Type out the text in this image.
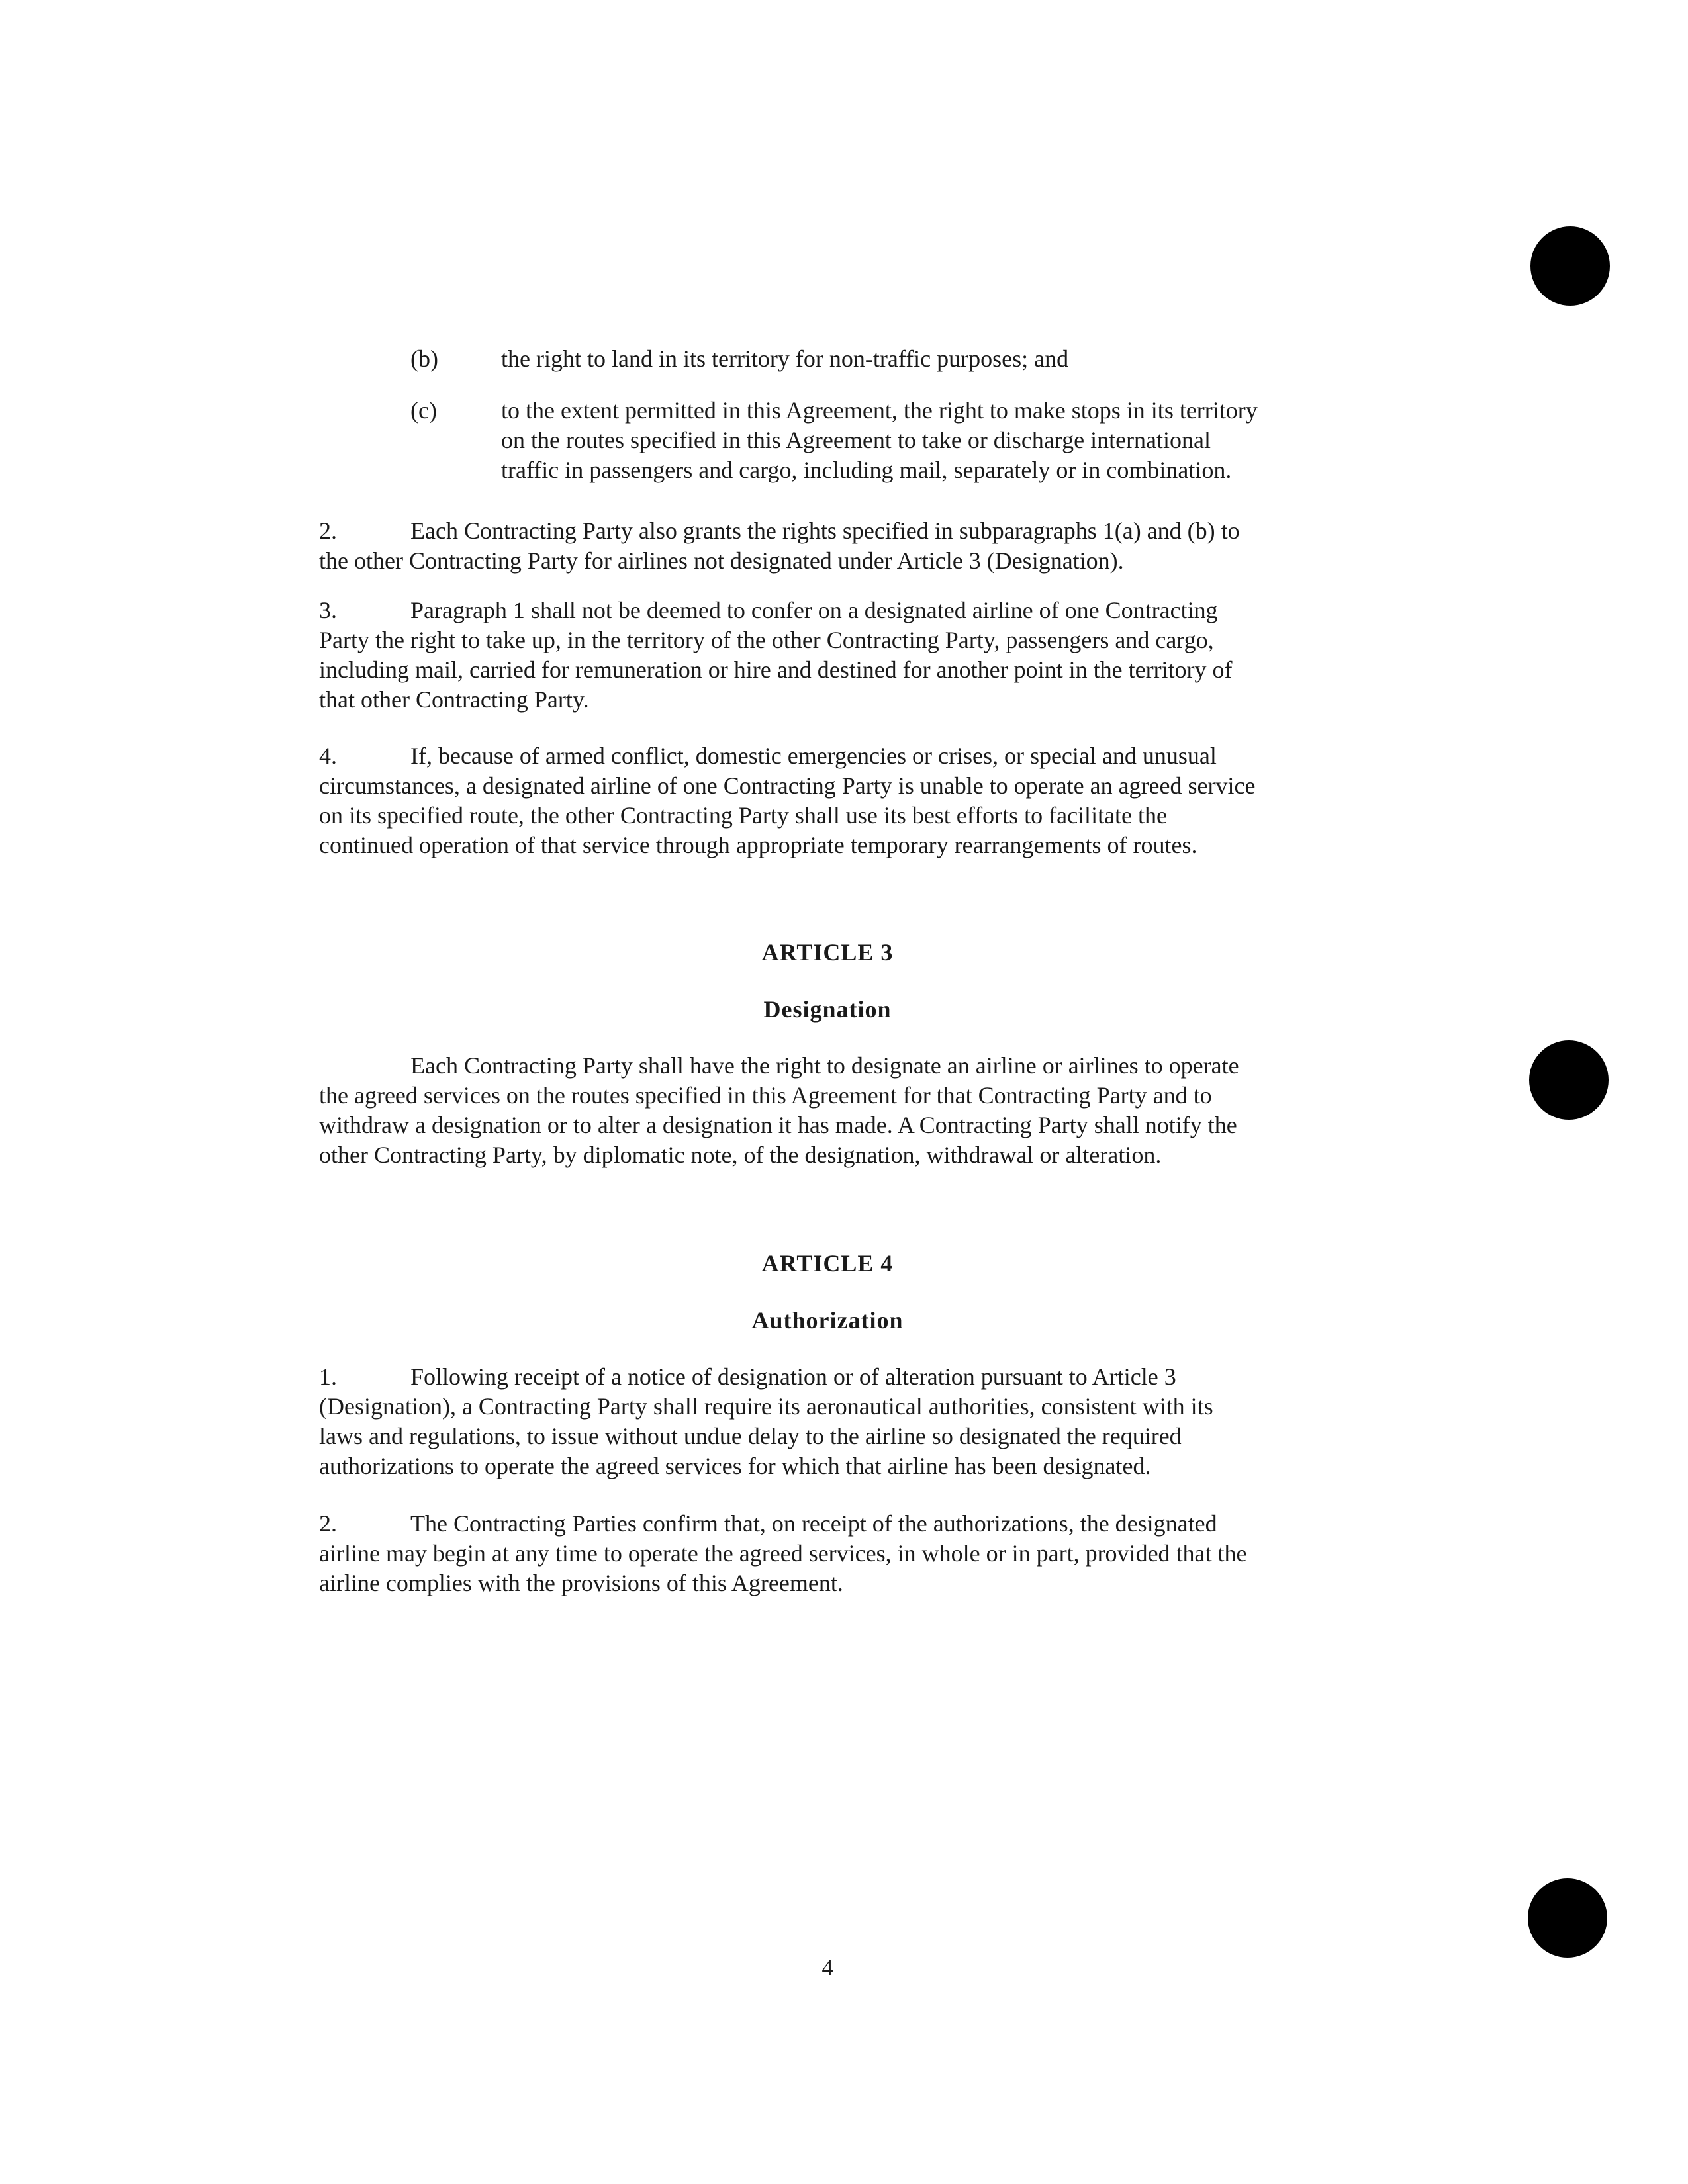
(b)	the right to land in its territory for non-traffic purposes; and
(c)	to the extent permitted in this Agreement, the right to make stops in its territory
on the routes specified in this Agreement to take or discharge international
traffic in passengers and cargo, including mail, separately or in combination.
2.	Each Contracting Party also grants the rights specified in subparagraphs 1(a) and (b) to
the other Contracting Party for airlines not designated under Article 3 (Designation).
3.	Paragraph 1 shall not be deemed to confer on a designated airline of one Contracting
Party the right to take up, in the territory of the other Contracting Party, passengers and cargo,
including mail, carried for remuneration or hire and destined for another point in the territory of
that other Contracting Party.
4.	If, because of armed conflict, domestic emergencies or crises, or special and unusual
circumstances, a designated airline of one Contracting Party is unable to operate an agreed service
on its specified route, the other Contracting Party shall use its best efforts to facilitate the
continued operation of that service through appropriate temporary rearrangements of routes.
ARTICLE 3
Designation
Each Contracting Party shall have the right to designate an airline or airlines to operate
the agreed services on the routes specified in this Agreement for that Contracting Party and to
withdraw a designation or to alter a designation it has made. A Contracting Party shall notify the
other Contracting Party, by diplomatic note, of the designation, withdrawal or alteration.
ARTICLE 4
Authorization
1.	Following receipt of a notice of designation or of alteration pursuant to Article 3
(Designation), a Contracting Party shall require its aeronautical authorities, consistent with its
laws and regulations, to issue without undue delay to the airline so designated the required
authorizations to operate the agreed services for which that airline has been designated.
2.	The Contracting Parties confirm that, on receipt of the authorizations, the designated
airline may begin at any time to operate the agreed services, in whole or in part, provided that the
airline complies with the provisions of this Agreement.
4
